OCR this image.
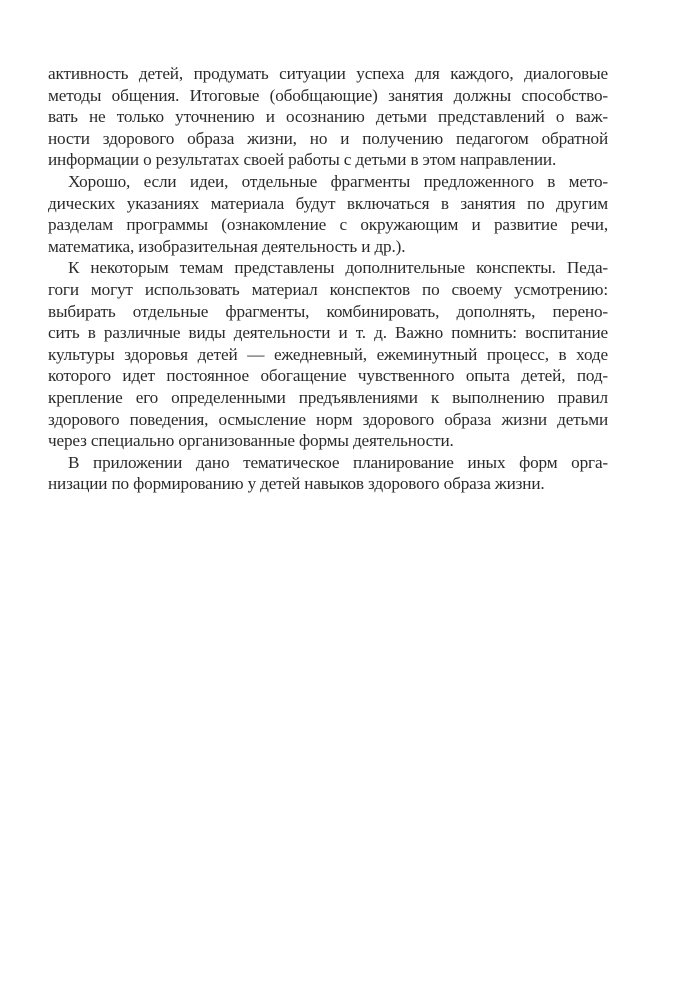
активность детей, продумать ситуации успеха для каждого, диалоговые
методы общения. Итоговые (обобщающие) занятия должны способство-
вать не только уточнению и осознанию детьми представлений о важ-
ности здорового образа жизни, но и получению педагогом обратной
информации о результатах своей работы с детьми в этом направлении.
Хорошо, если идеи, отдельные фрагменты предложенного в мето-
дических указаниях материала будут включаться в занятия по другим
разделам программы (ознакомление с окружающим и развитие речи,
математика, изобразительная деятельность и др.).
К некоторым темам представлены дополнительные конспекты. Педа-
гоги могут использовать материал конспектов по своему усмотрению:
выбирать отдельные фрагменты, комбинировать, дополнять, перено-
сить в различные виды деятельности и т. д. Важно помнить: воспитание
культуры здоровья детей — ежедневный, ежеминутный процесс, в ходе
которого идет постоянное обогащение чувственного опыта детей, под-
крепление его определенными предъявлениями к выполнению правил
здорового поведения, осмысление норм здорового образа жизни детьми
через специально организованные формы деятельности.
В приложении дано тематическое планирование иных форм орга-
низации по формированию у детей навыков здорового образа жизни.
